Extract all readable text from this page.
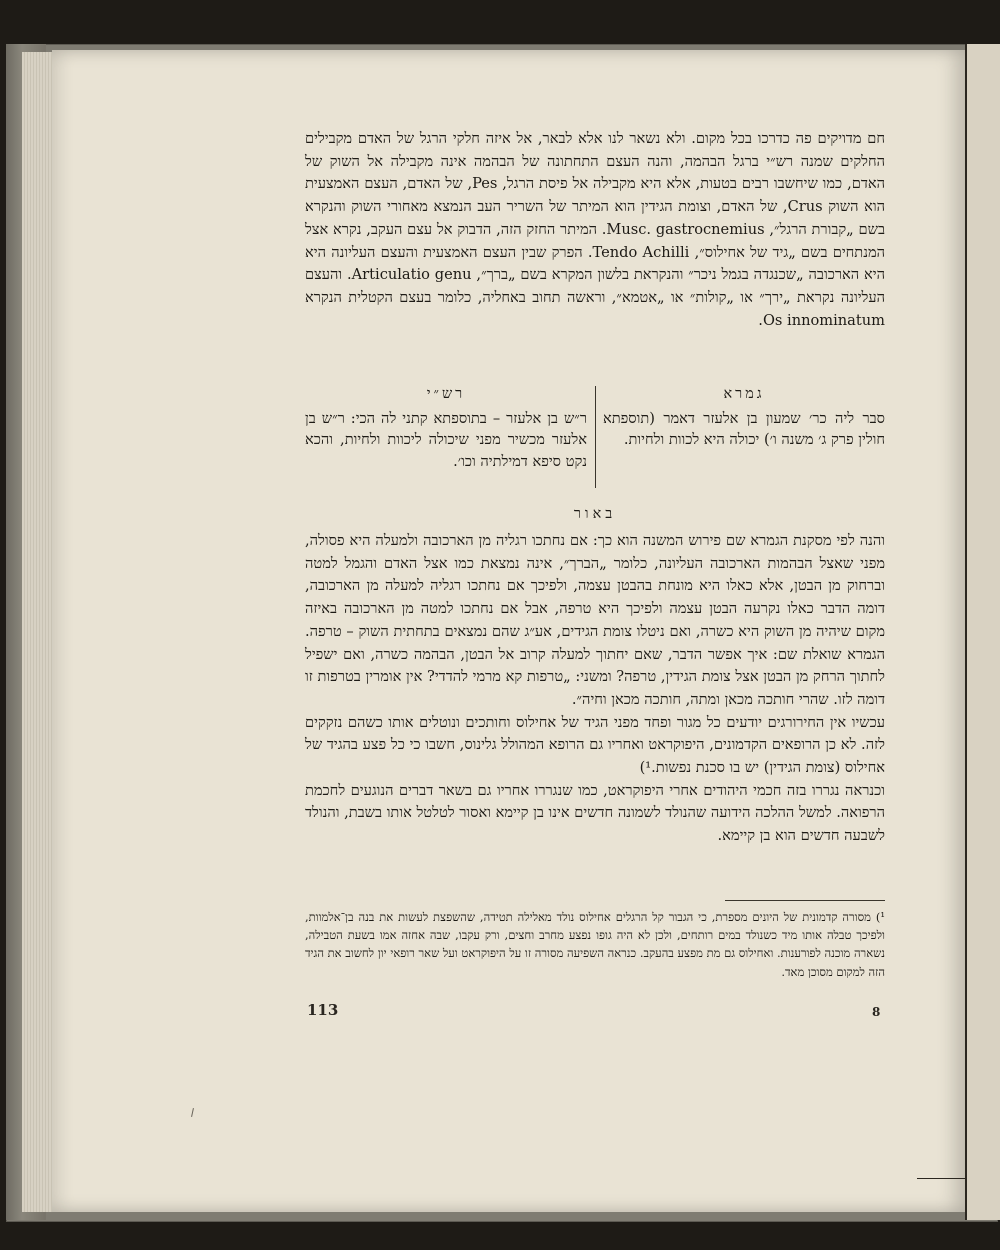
חם מדויקים פה כדרכו בכל מקום. ולא נשאר לנו אלא לבאר, אל איזה חלקי הרגל של האדם מקבילים החלקים שמנה רש״י ברגל הבהמה, והנה העצם התחתונה של הבהמה אינה מקבילה אל השוק של האדם, כמו שיחשבו רבים בטעות, אלא היא מקבילה אל פיסת הרגל, Pes, של האדם, העצם האמצעית הוא השוק Crus, של האדם, וצומת הגידין הוא המיתר של השריר העב הנמצא מאחורי השוק והנקרא בשם „קבורת הרגל״, Musc. gastrocnemius. המיתר החזק הזה, הדבוק אל עצם העקב, נקרא אצל המנתחים בשם „גיד של אחילוס״, Tendo Achilli. הפרק שבין העצם האמצעית והעצם העליונה היא היא הארכובה „שכנגדה בגמל ניכר״ והנקראת בלשון המקרא בשם „ברך״, Articulatio genu. והעצם העליונה נקראת „ירך״ או „קולות״ או „אטמא״, וראשה תחוב באחליה, כלומר בעצם הקטלית הנקרא Os innominatum.
גמרא
סבר ליה כר׳ שמעון בן אלעזר דאמר (תוספתא חולין פרק ג׳ משנה ו׳) יכולה היא לכוות ולחיות.
רש״י
ר״ש בן אלעזר – בתוספתא קתני לה הכי: ר״ש בן אלעזר מכשיר מפני שיכולה ליכוות ולחיות, והכא נקט סיפא דמילתיה וכו׳.
באור

והנה לפי מסקנת הגמרא שם פירוש המשנה הוא כך: אם נחתכו רגליה מן הארכובה ולמעלה היא פסולה, מפני שאצל הבהמות הארכובה העליונה, כלומר „הברך״, אינה נמצאת כמו אצל האדם והגמל למטה וברחוק מן הבטן, אלא כאלו היא מונחת בהבטן עצמה, ולפיכך אם נחתכו רגליה למעלה מן הארכובה, דומה הדבר כאלו נקרעה הבטן עצמה ולפיכך היא טרפה, אבל אם נחתכו למטה מן הארכובה באיזה מקום שיהיה מן השוק היא כשרה, ואם ניטלו צומת הגידים, אע״ג שהם נמצאים בתחתית השוק – טרפה. הגמרא שואלת שם: איך אפשר הדבר, שאם יחתוך למעלה קרוב אל הבטן, הבהמה כשרה, ואם ישפיל לחתוך הרחק מן הבטן אצל צומת הגידין, טרפה? ומשני: „טרפות קא מרמי להדדי? אין אומרין בטרפות זו דומה לזו. שהרי חותכה מכאן ומתה, חותכה מכאן וחיה״.

עכשיו אין החירורגים יודעים כל מגור ופחד מפני הגיד של אחילוס וחותכים ונוטלים אותו כשהם נזקקים לזה. לא כן הרופאים הקדמונים, היפוקראט ואחריו גם הרופא המהולל גלינוס, חשבו כי כל פצע בהגיד של אחילוס (צומת הגידין) יש בו סכנת נפשות.¹)

וכנראה נגררו בזה חכמי היהודים אחרי היפוקראט, כמו שנגררו אחריו גם בשאר דברים הנוגעים לחכמת הרפואה. למשל ההלכה הידועה שהנולד לשמונה חדשים אינו בן קיימא ואסור לטלטל אותו בשבת, והנולד לשבעה חדשים הוא בן קיימא.

¹) מסורה קדמונית של היונים מספרת, כי הגבור קל הרגלים אחילוס נולד מאלילה תטידה, שהשפצת לעשות את בנה בן־אלמוות, ולפיכך טבלה אותו מיד כשנולד במים רותחים, ולכן לא היה גופו נפצע מחרב וחצים, ורק עקבו, שבה אחזה אמו בשעת הטבילה, נשארה מוכנה לפורענות. ואחילוס גם מת מפצע בהעקב. כנראה השפיעה מסורה זו על היפוקראט ועל שאר רופאי יון לחשוב את הגיד הזה למקום מסוכן מאד.
113	8
